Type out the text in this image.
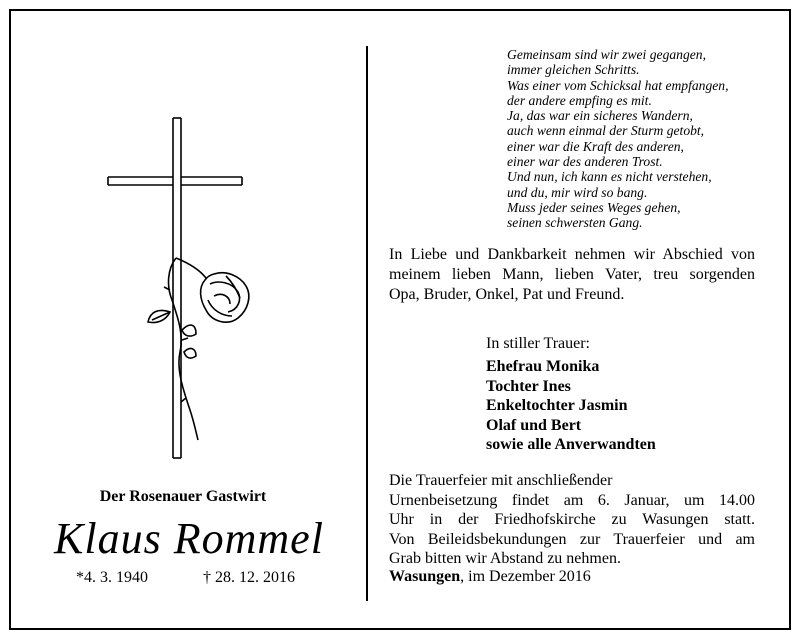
Gemeinsam sind wir zwei gegangen,
immer gleichen Schritts.
Was einer vom Schicksal hat empfangen,
der andere empfing es mit.
Ja, das war ein sicheres Wandern,
auch wenn einmal der Sturm getobt,
einer war die Kraft des anderen,
einer war des anderen Trost.
Und nun, ich kann es nicht verstehen,
und du, mir wird so bang.
Muss jeder seines Weges gehen,
seinen schwersten Gang.
In Liebe und Dankbarkeit nehmen wir Abschied von
meinem lieben Mann, lieben Vater, treu sorgenden
Opa, Bruder, Onkel, Pat und Freund.
In stiller Trauer:
Ehefrau Monika
Tochter Ines
Enkeltochter Jasmin
Olaf und Bert
sowie alle Anverwandten
Die Trauerfeier mit anschließender
Urnenbeisetzung findet am 6. Januar, um 14.00
Uhr in der Friedhofskirche zu Wasungen statt.
Von Beileidsbekundungen zur Trauerfeier und am
Grab bitten wir Abstand zu nehmen.
Wasungen, im Dezember 2016
Der Rosenauer Gastwirt
Klaus Rommel
*4. 3. 1940	† 28. 12. 2016
